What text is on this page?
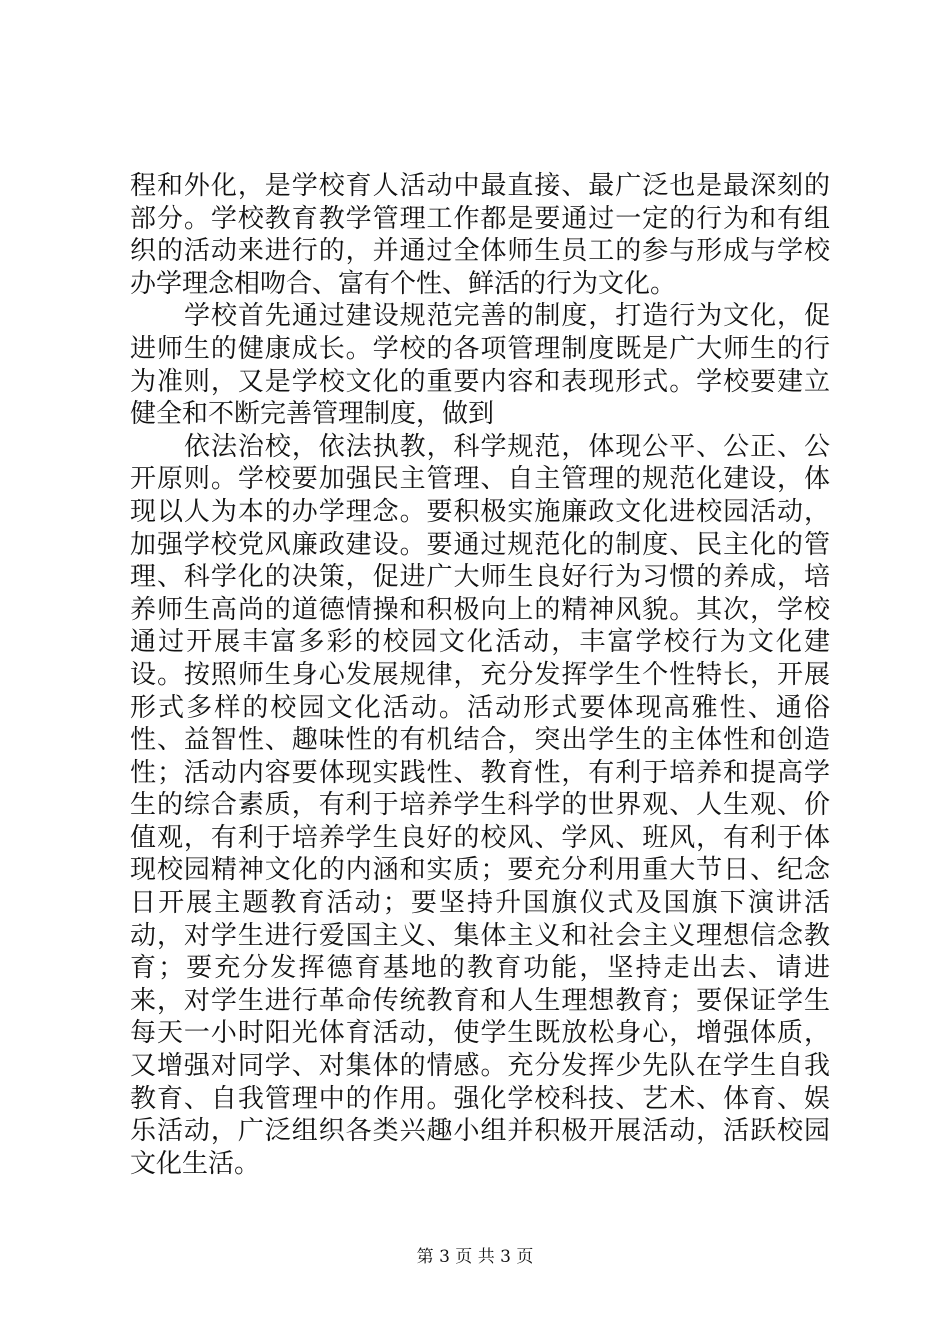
程和外化，是学校育人活动中最直接、最广泛也是最深刻的部分。学校教育教学管理工作都是要通过一定的行为和有组织的活动来进行的，并通过全体师生员工的参与形成与学校办学理念相吻合、富有个性、鲜活的行为文化。

学校首先通过建设规范完善的制度，打造行为文化，促进师生的健康成长。学校的各项管理制度既是广大师生的行为准则，又是学校文化的重要内容和表现形式。学校要建立健全和不断完善管理制度，做到

依法治校，依法执教，科学规范，体现公平、公正、公开原则。学校要加强民主管理、自主管理的规范化建设，体现以人为本的办学理念。要积极实施廉政文化进校园活动，加强学校党风廉政建设。要通过规范化的制度、民主化的管理、科学化的决策，促进广大师生良好行为习惯的养成，培养师生高尚的道德情操和积极向上的精神风貌。其次，学校通过开展丰富多彩的校园文化活动，丰富学校行为文化建设。按照师生身心发展规律，充分发挥学生个性特长，开展形式多样的校园文化活动。活动形式要体现高雅性、通俗性、益智性、趣味性的有机结合，突出学生的主体性和创造性；活动内容要体现实践性、教育性，有利于培养和提高学生的综合素质，有利于培养学生科学的世界观、人生观、价值观，有利于培养学生良好的校风、学风、班风，有利于体现校园精神文化的内涵和实质；要充分利用重大节日、纪念日开展主题教育活动；要坚持升国旗仪式及国旗下演讲活动，对学生进行爱国主义、集体主义和社会主义理想信念教育；要充分发挥德育基地的教育功能，坚持走出去、请进来，对学生进行革命传统教育和人生理想教育；要保证学生每天一小时阳光体育活动，使学生既放松身心，增强体质，又增强对同学、对集体的情感。充分发挥少先队在学生自我教育、自我管理中的作用。强化学校科技、艺术、体育、娱乐活动，广泛组织各类兴趣小组并积极开展活动，活跃校园文化生活。

第 3 页 共 3 页
